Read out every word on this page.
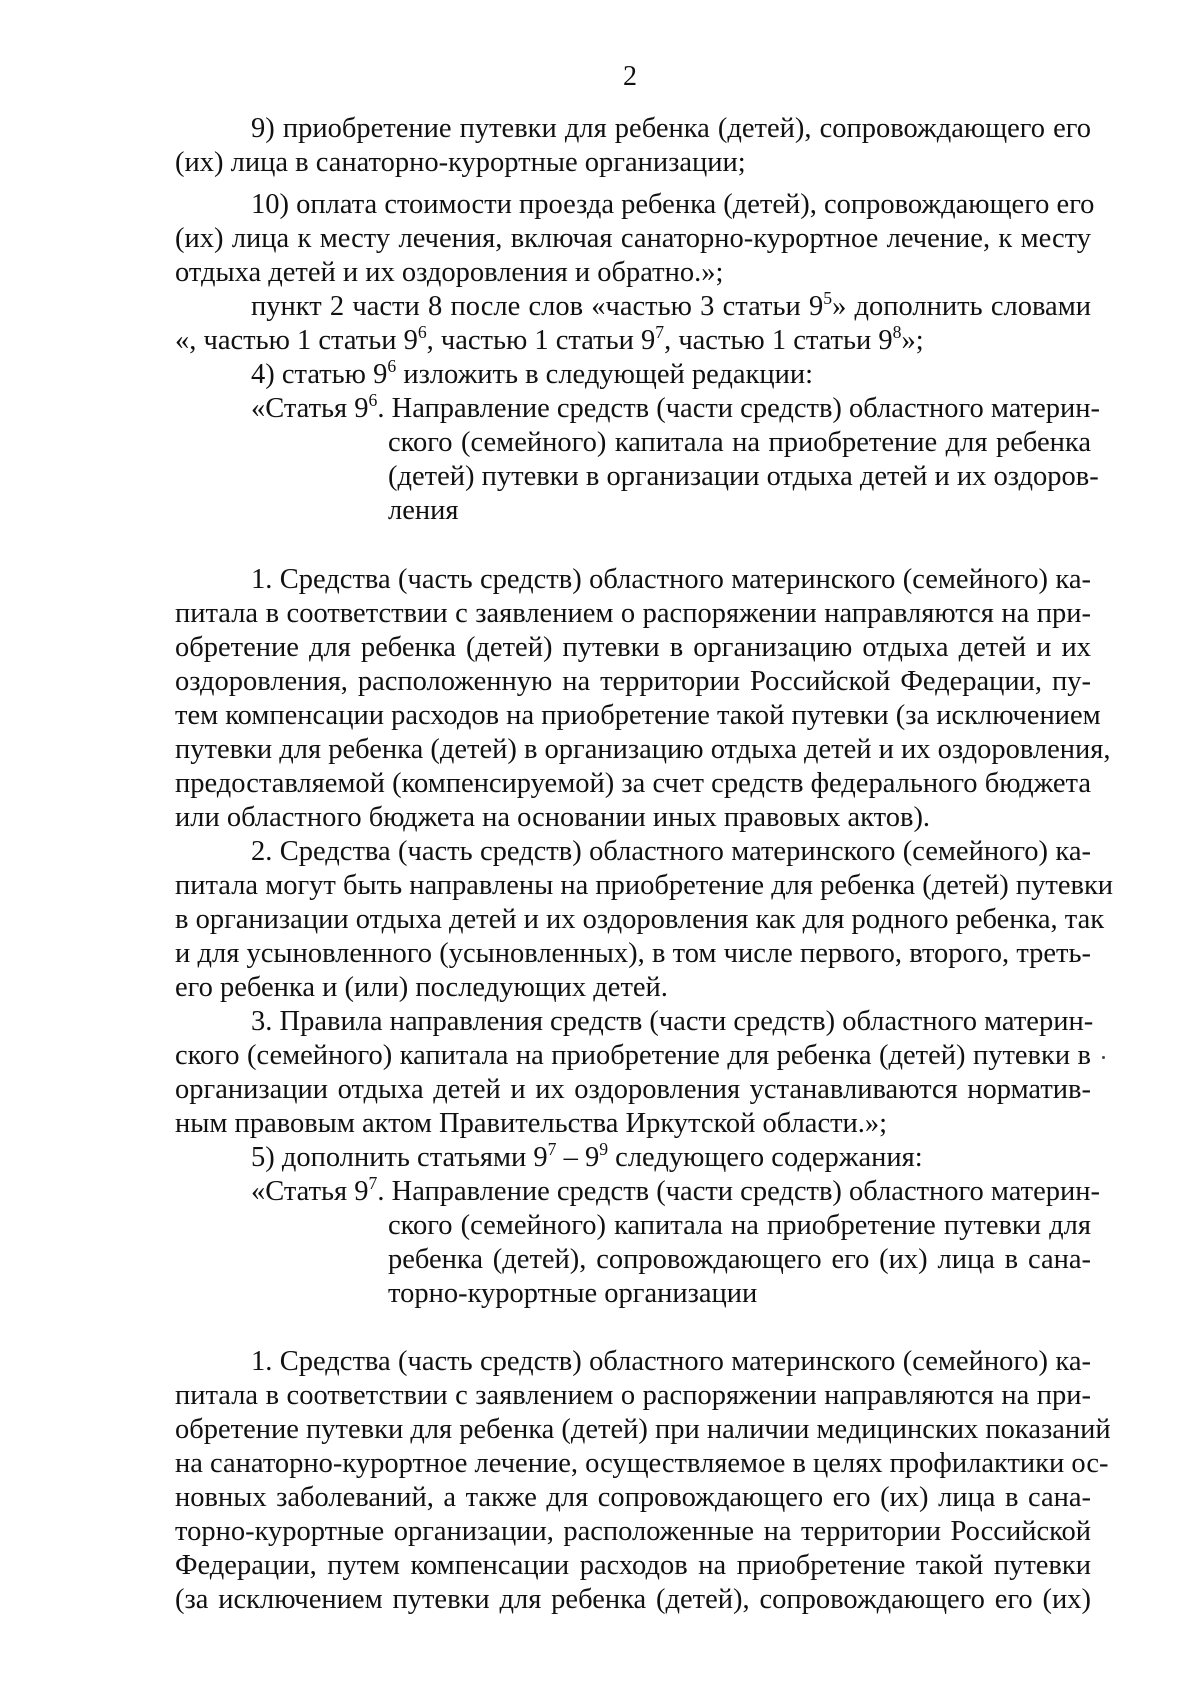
2
9) приобретение путевки для ребенка (детей), сопровождающего его
(их) лица в санаторно-курортные организации;
10) оплата стоимости проезда ребенка (детей), сопровождающего его
(их) лица к месту лечения, включая санаторно-курортное лечение, к месту
отдыха детей и их оздоровления и обратно.»;
пункт 2 части 8 после слов «частью 3 статьи $9^5$» дополнить словами
«, частью 1 статьи $9^6$, частью 1 статьи $9^7$, частью 1 статьи $9^8$»;
4) статью $9^6$ изложить в следующей редакции:
«Статья $9^6$. Направление средств (части средств) областного материн-
ского (семейного) капитала на приобретение для ребенка
(детей) путевки в организации отдыха детей и их оздоров-
ления
1. Средства (часть средств) областного материнского (семейного) ка-
питала в соответствии с заявлением о распоряжении направляются на при-
обретение для ребенка (детей) путевки в организацию отдыха детей и их
оздоровления, расположенную на территории Российской Федерации, пу-
тем компенсации расходов на приобретение такой путевки (за исключением
путевки для ребенка (детей) в организацию отдыха детей и их оздоровления,
предоставляемой (компенсируемой) за счет средств федерального бюджета
или областного бюджета на основании иных правовых актов).
2. Средства (часть средств) областного материнского (семейного) ка-
питала могут быть направлены на приобретение для ребенка (детей) путевки
в организации отдыха детей и их оздоровления как для родного ребенка, так
и для усыновленного (усыновленных), в том числе первого, второго, треть-
его ребенка и (или) последующих детей.
3. Правила направления средств (части средств) областного материн-
ского (семейного) капитала на приобретение для ребенка (детей) путевки в
организации отдыха детей и их оздоровления устанавливаются норматив-
ным правовым актом Правительства Иркутской области.»;
5) дополнить статьями $9^7 - 9^9$ следующего содержания:
«Статья $9^7$. Направление средств (части средств) областного материн-
ского (семейного) капитала на приобретение путевки для
ребенка (детей), сопровождающего его (их) лица в сана-
торно-курортные организации
1. Средства (часть средств) областного материнского (семейного) ка-
питала в соответствии с заявлением о распоряжении направляются на при-
обретение путевки для ребенка (детей) при наличии медицинских показаний
на санаторно-курортное лечение, осуществляемое в целях профилактики ос-
новных заболеваний, а также для сопровождающего его (их) лица в сана-
торно-курортные организации, расположенные на территории Российской
Федерации, путем компенсации расходов на приобретение такой путевки
(за исключением путевки для ребенка (детей), сопровождающего его (их)
